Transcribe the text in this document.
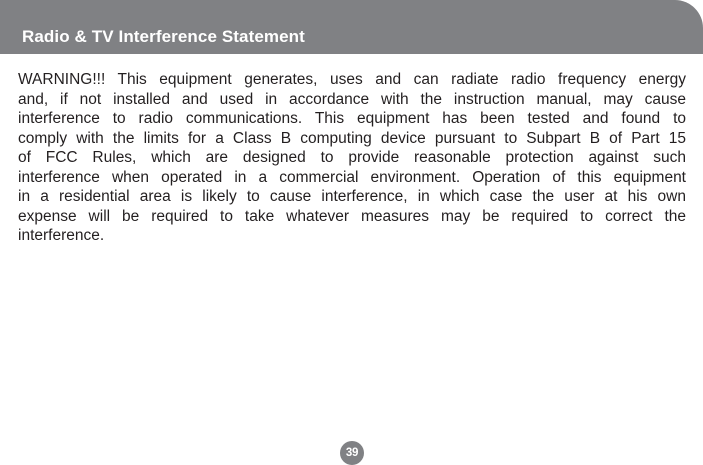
Radio & TV Interference Statement
WARNING!!! This equipment generates, uses and can radiate radio frequency energy
and, if not installed and used in accordance with the instruction manual, may cause
interference to radio communications. This equipment has been tested and found to
comply with the limits for a Class B computing device pursuant to Subpart B of Part 15
of FCC Rules, which are designed to provide reasonable protection against such
interference when operated in a commercial environment. Operation of this equipment
in a residential area is likely to cause interference, in which case the user at his own
expense will be required to take whatever measures may be required to correct the
interference.
39
